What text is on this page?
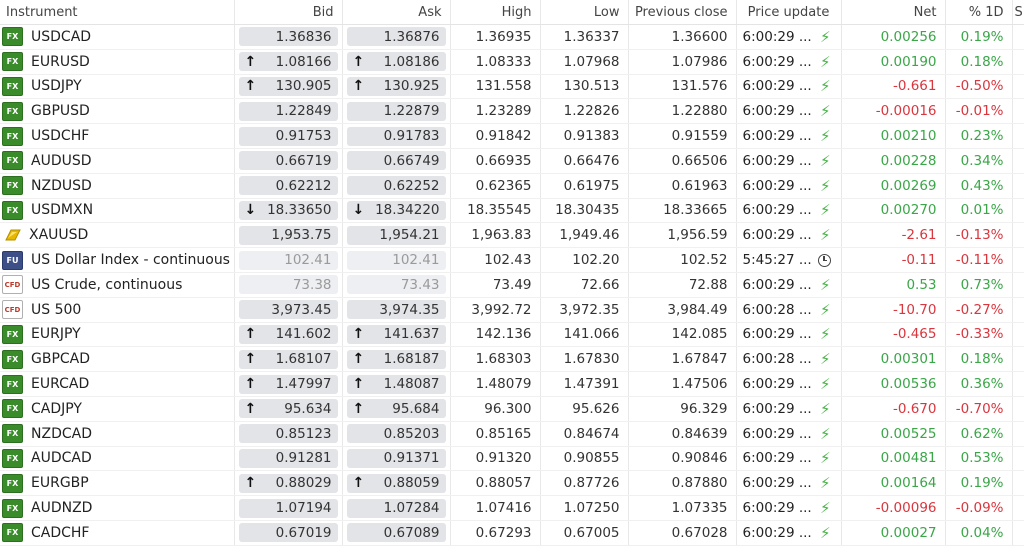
Instrument	Bid	Ask	High	Low	Previous close	Price update	Net	% 1D	S

FX USDCAD	1.36836	1.36876	1.36935	1.36337	1.36600	6:00:29 ... ⚡︎	0.00256	0.19%	

FX EURUSD	↑ 1.08166	↑ 1.08186	1.08333	1.07968	1.07986	6:00:29 ... ⚡︎	0.00190	0.18%	

FX USDJPY	↑ 130.905	↑ 130.925	131.558	130.513	131.576	6:00:29 ... ⚡︎	-0.661	-0.50%	

FX GBPUSD	1.22849	1.22879	1.23289	1.22826	1.22880	6:00:29 ... ⚡︎	-0.00016	-0.01%	

FX USDCHF	0.91753	0.91783	0.91842	0.91383	0.91559	6:00:29 ... ⚡︎	0.00210	0.23%	

FX AUDUSD	0.66719	0.66749	0.66935	0.66476	0.66506	6:00:29 ... ⚡︎	0.00228	0.34%	

FX NZDUSD	0.62212	0.62252	0.62365	0.61975	0.61963	6:00:29 ... ⚡︎	0.00269	0.43%	

FX USDMXN	↓ 18.33650	↓ 18.34220	18.35545	18.30435	18.33665	6:00:29 ... ⚡︎	0.00270	0.01%	

XAUUSD	1,953.75	1,954.21	1,963.83	1,949.46	1,956.59	6:00:29 ... ⚡︎	-2.61	-0.13%	

FU US Dollar Index - continuous	102.41	102.41	102.43	102.20	102.52	5:45:27 ...	-0.11	-0.11%	

CFD US Crude, continuous	73.38	73.43	73.49	72.66	72.88	6:00:29 ... ⚡︎	0.53	0.73%	

CFD US 500	3,973.45	3,974.35	3,992.72	3,972.35	3,984.49	6:00:28 ... ⚡︎	-10.70	-0.27%	

FX EURJPY	↑ 141.602	↑ 141.637	142.136	141.066	142.085	6:00:29 ... ⚡︎	-0.465	-0.33%	

FX GBPCAD	↑ 1.68107	↑ 1.68187	1.68303	1.67830	1.67847	6:00:28 ... ⚡︎	0.00301	0.18%	

FX EURCAD	↑ 1.47997	↑ 1.48087	1.48079	1.47391	1.47506	6:00:29 ... ⚡︎	0.00536	0.36%	

FX CADJPY	↑ 95.634	↑ 95.684	96.300	95.626	96.329	6:00:29 ... ⚡︎	-0.670	-0.70%	

FX NZDCAD	0.85123	0.85203	0.85165	0.84674	0.84639	6:00:29 ... ⚡︎	0.00525	0.62%	

FX AUDCAD	0.91281	0.91371	0.91320	0.90855	0.90846	6:00:29 ... ⚡︎	0.00481	0.53%	

FX EURGBP	↑ 0.88029	↑ 0.88059	0.88057	0.87726	0.87880	6:00:29 ... ⚡︎	0.00164	0.19%	

FX AUDNZD	1.07194	1.07284	1.07416	1.07250	1.07335	6:00:29 ... ⚡︎	-0.00096	-0.09%	

FX CADCHF	0.67019	0.67089	0.67293	0.67005	0.67028	6:00:29 ... ⚡︎	0.00027	0.04%	
